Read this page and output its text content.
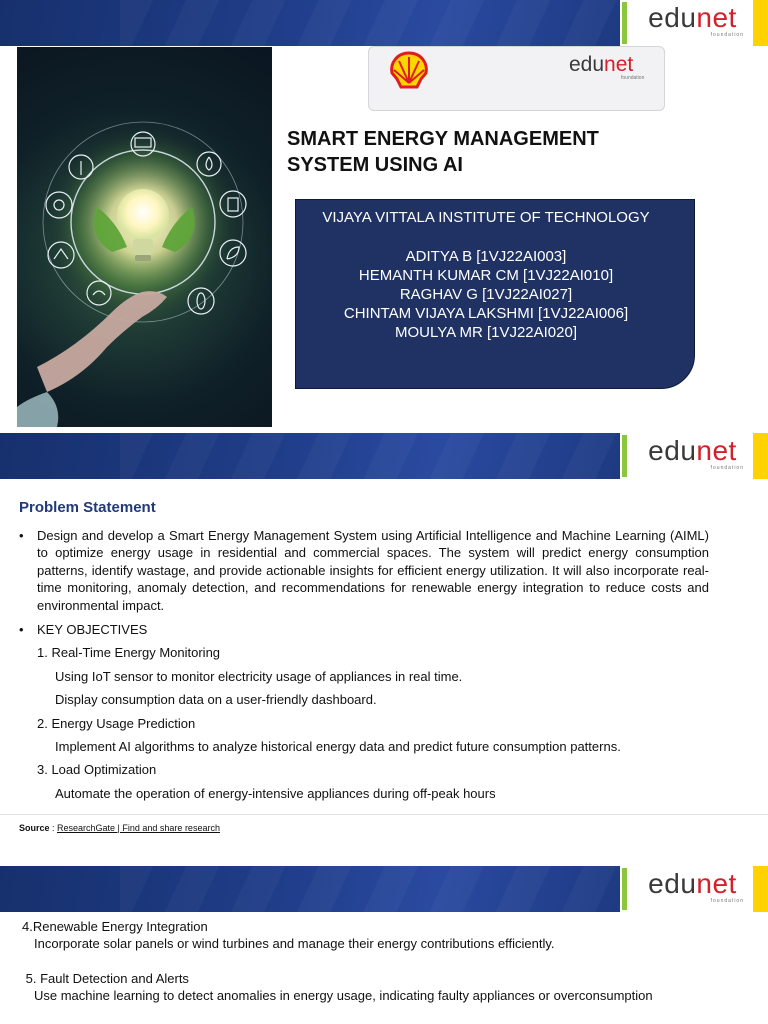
edunet
foundation
edunet
foundation
SMART ENERGY MANAGEMENT
SYSTEM USING AI
VIJAYA VITTALA INSTITUTE OF TECHNOLOGY
ADITYA B [1VJ22AI003]
HEMANTH KUMAR CM [1VJ22AI010]
RAGHAV G [1VJ22AI027]
CHINTAM VIJAYA LAKSHMI [1VJ22AI006]
MOULYA MR [1VJ22AI020]
edunet
foundation
Problem Statement
• Design and develop a Smart Energy Management System using Artificial Intelligence and Machine Learning (AIML) to optimize energy usage in residential and commercial spaces. The system will predict energy consumption patterns, identify wastage, and provide actionable insights for efficient energy utilization. It will also incorporate real-time monitoring, anomaly detection, and recommendations for renewable energy integration to reduce costs and environmental impact.
• KEY OBJECTIVES
1. Real-Time Energy Monitoring
Using IoT sensor to monitor electricity usage of appliances in real time.
Display consumption data on a user-friendly dashboard.
2. Energy Usage Prediction
Implement AI algorithms to analyze historical energy data and predict future consumption patterns.
3. Load Optimization
Automate the operation of energy-intensive appliances during off-peak hours
Source : ResearchGate | Find and share research
edunet
foundation
4.Renewable Energy Integration
Incorporate solar panels or wind turbines and manage their energy contributions efficiently.
5. Fault Detection and Alerts
Use machine learning to detect anomalies in energy usage, indicating faulty appliances or overconsumption
